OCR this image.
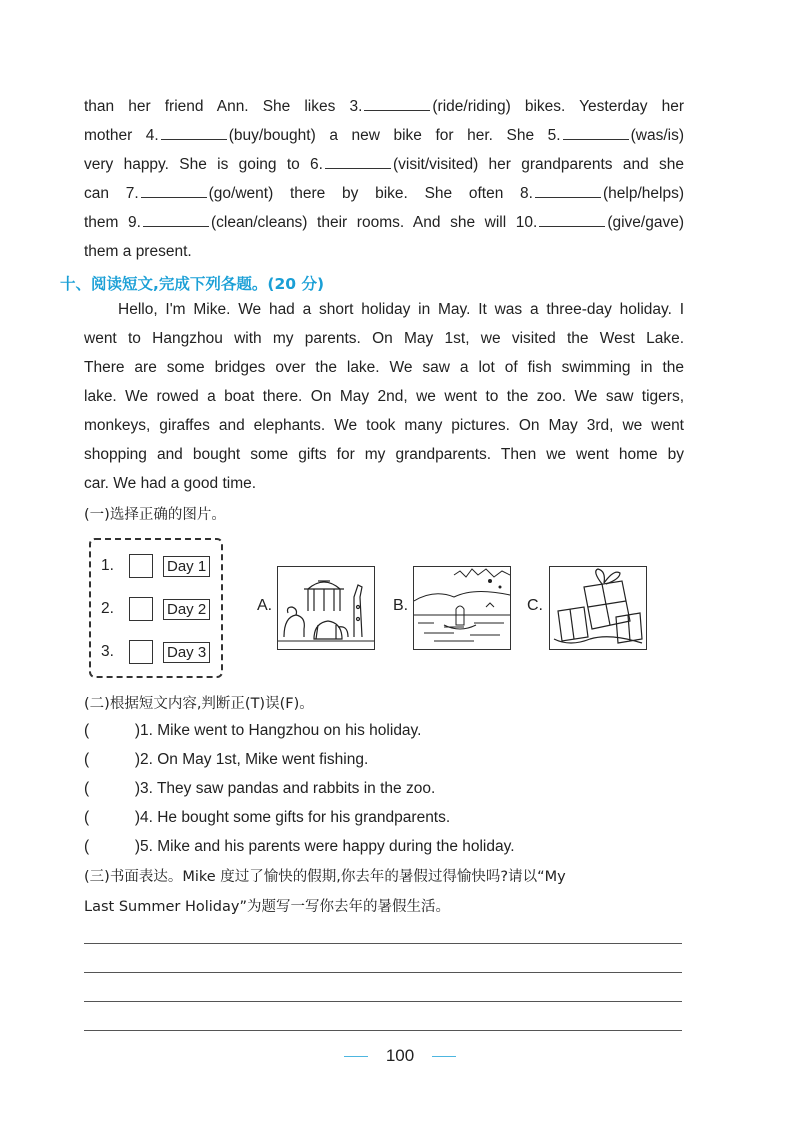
than her friend Ann. She likes 3.	(ride/riding) bikes. Yesterday her
mother 4.	(buy/bought) a new bike for her. She 5.	(was/is)
very happy. She is going to 6.	(visit/visited) her grandparents and she
can 7.	(go/went) there by bike. She often 8.	(help/helps)
them 9.	(clean/cleans) their rooms. And she will 10.	(give/gave)
them a present.
十、阅读短文,完成下列各题。(20 分)
Hello, I'm Mike. We had a short holiday in May. It was a three-day holiday. I
went to Hangzhou with my parents. On May 1st, we visited the West Lake.
There are some bridges over the lake. We saw a lot of fish swimming in the
lake. We rowed a boat there. On May 2nd, we went to the zoo. We saw tigers,
monkeys, giraffes and elephants. We took many pictures. On May 3rd, we went
shopping and bought some gifts for my grandparents. Then we went home by
car. We had a good time.
(一)选择正确的图片。
1.	Day 1
2.	Day 2
3.	Day 3
A.	B.	C.
(二)根据短文内容,判断正(T)误(F)。
(	) 1. Mike went to Hangzhou on his holiday.
(	) 2. On May 1st, Mike went fishing.
(	) 3. They saw pandas and rabbits in the zoo.
(	) 4. He bought some gifts for his grandparents.
(	) 5. Mike and his parents were happy during the holiday.
(三)书面表达。Mike 度过了愉快的假期,你去年的暑假过得愉快吗?请以“My
Last Summer Holiday”为题写一写你去年的暑假生活。
100
